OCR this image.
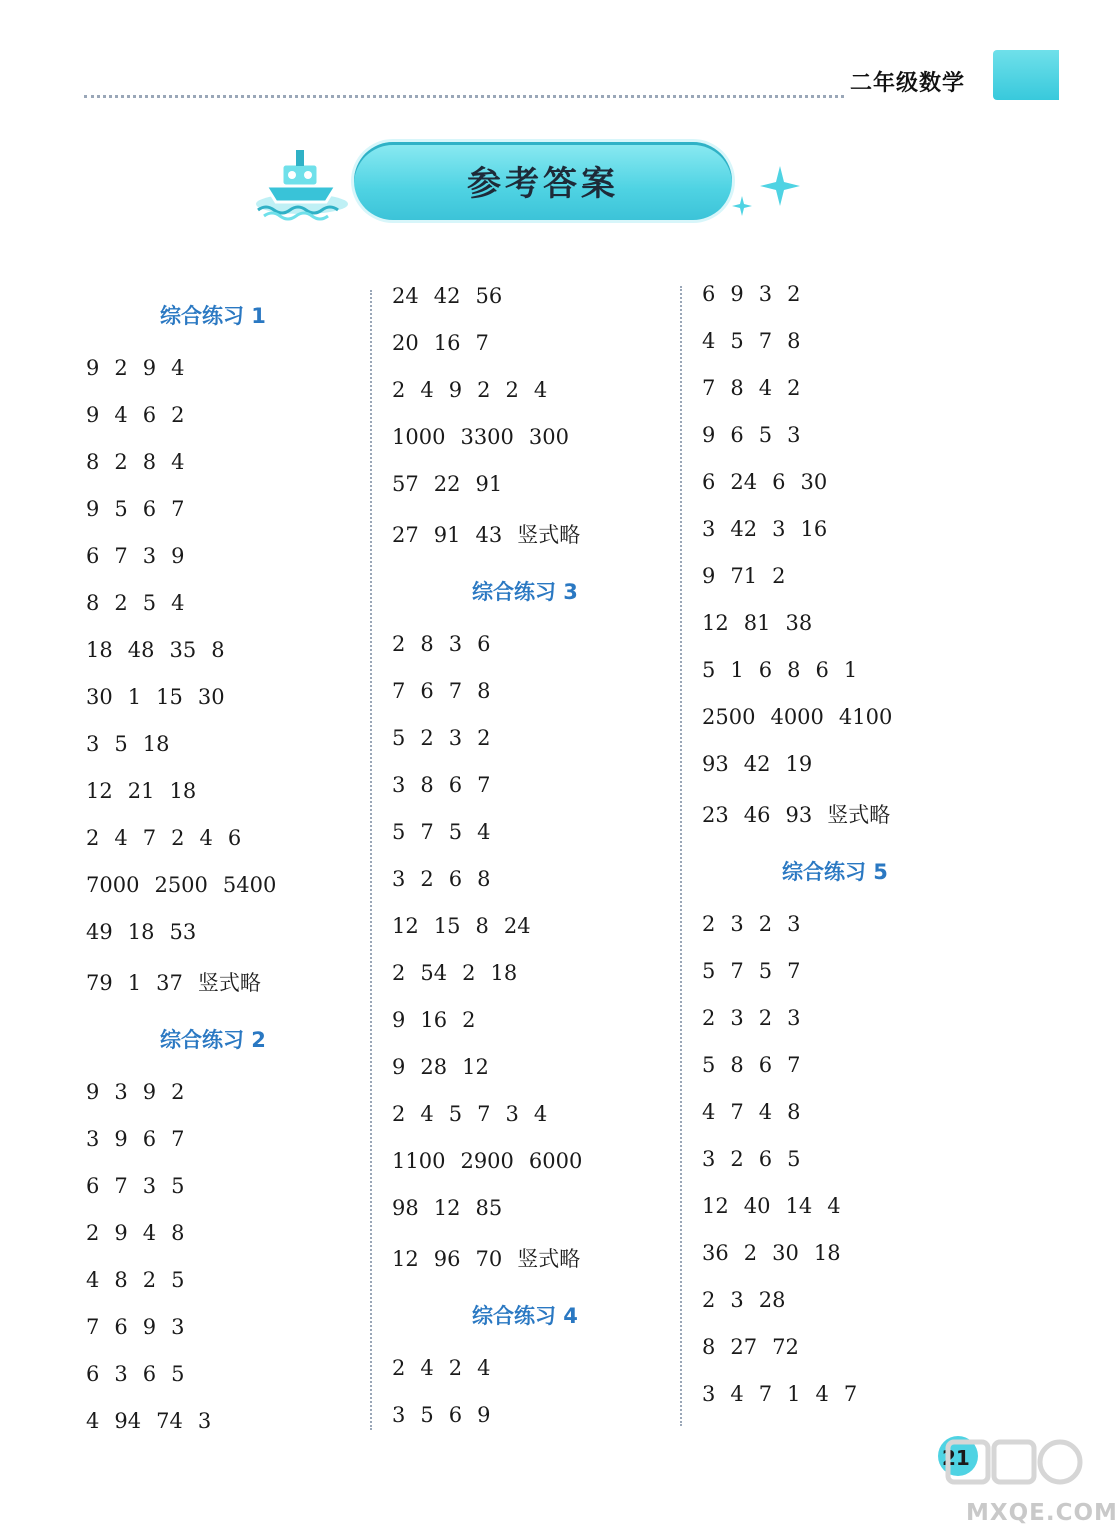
二年级数学
参考答案
综合练习 1
9 2 9 4
9 4 6 2
8 2 8 4
9 5 6 7
6 7 3 9
8 2 5 4
18 48 35 8
30 1 15 30
3 5 18
12 21 18
2 4 7 2 4 6
7000 2500 5400
49 18 53
79 1 37 竖式略
综合练习 2
9 3 9 2
3 9 6 7
6 7 3 5
2 9 4 8
4 8 2 5
7 6 9 3
6 3 6 5
4 94 74 3
24 42 56
20 16 7
2 4 9 2 2 4
1000 3300 300
57 22 91
27 91 43 竖式略
综合练习 3
2 8 3 6
7 6 7 8
5 2 3 2
3 8 6 7
5 7 5 4
3 2 6 8
12 15 8 24
2 54 2 18
9 16 2
9 28 12
2 4 5 7 3 4
1100 2900 6000
98 12 85
12 96 70 竖式略
综合练习 4
2 4 2 4
3 5 6 9
6 9 3 2
4 5 7 8
7 8 4 2
9 6 5 3
6 24 6 30
3 42 3 16
9 71 2
12 81 38
5 1 6 8 6 1
2500 4000 4100
93 42 19
23 46 93 竖式略
综合练习 5
2 3 2 3
5 7 5 7
2 3 2 3
5 8 6 7
4 7 4 8
3 2 6 5
12 40 14 4
36 2 30 18
2 3 28
8 27 72
3 4 7 1 4 7
21
MXQE.COM
